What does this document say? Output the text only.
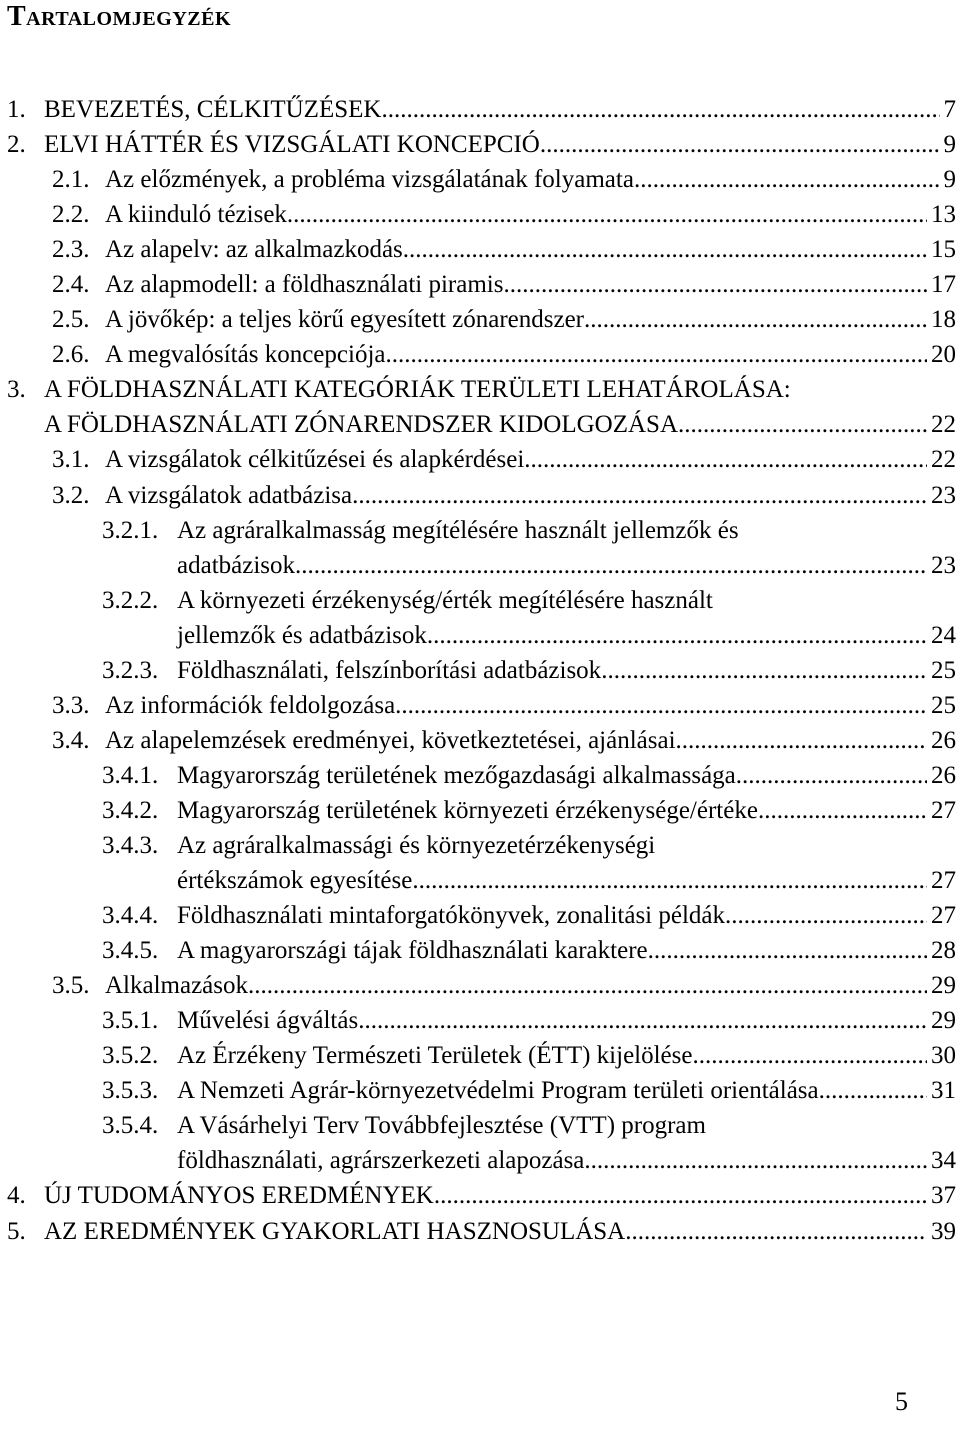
Tartalomjegyzék
1. BEVEZETÉS, CÉLKITŰZÉSEK .....	7
2. ELVI HÁTTÉR ÉS VIZSGÁLATI KONCEPCIÓ .....	9
2.1. Az előzmények, a probléma vizsgálatának folyamata .....	9
2.2. A kiinduló tézisek .....	13
2.3. Az alapelv: az alkalmazkodás .....	15
2.4. Az alapmodell: a földhasználati piramis .....	17
2.5. A jövőkép: a teljes körű egyesített zónarendszer .....	18
2.6. A megvalósítás koncepciója .....	20
3. A FÖLDHASZNÁLATI KATEGÓRIÁK TERÜLETI LEHATÁROLÁSA:
A FÖLDHASZNÁLATI ZÓNARENDSZER KIDOLGOZÁSA .....	22
3.1. A vizsgálatok célkitűzései és alapkérdései .....	22
3.2. A vizsgálatok adatbázisa .....	23
3.2.1. Az agráralkalmasság megítélésére használt jellemzők és
adatbázisok .....	23
3.2.2. A környezeti érzékenység/érték megítélésére használt
jellemzők és adatbázisok .....	24
3.2.3. Földhasználati, felszínborítási adatbázisok .....	25
3.3. Az információk feldolgozása .....	25
3.4. Az alapelemzések eredményei, következtetései, ajánlásai .....	26
3.4.1. Magyarország területének mezőgazdasági alkalmassága .....	26
3.4.2. Magyarország területének környezeti érzékenysége/értéke .....	27
3.4.3. Az agráralkalmassági és környezetérzékenységi
értékszámok egyesítése .....	27
3.4.4. Földhasználati mintaforgatókönyvek, zonalitási példák .....	27
3.4.5. A magyarországi tájak földhasználati karaktere .....	28
3.5. Alkalmazások .....	29
3.5.1. Művelési ágváltás .....	29
3.5.2. Az Érzékeny Természeti Területek (ÉTT) kijelölése .....	30
3.5.3. A Nemzeti Agrár-környezetvédelmi Program területi orientálása .....	31
3.5.4. A Vásárhelyi Terv Továbbfejlesztése (VTT) program
földhasználati, agrárszerkezeti alapozása .....	34
4. ÚJ TUDOMÁNYOS EREDMÉNYEK .....	37
5. AZ EREDMÉNYEK GYAKORLATI HASZNOSULÁSA .....	39
5
